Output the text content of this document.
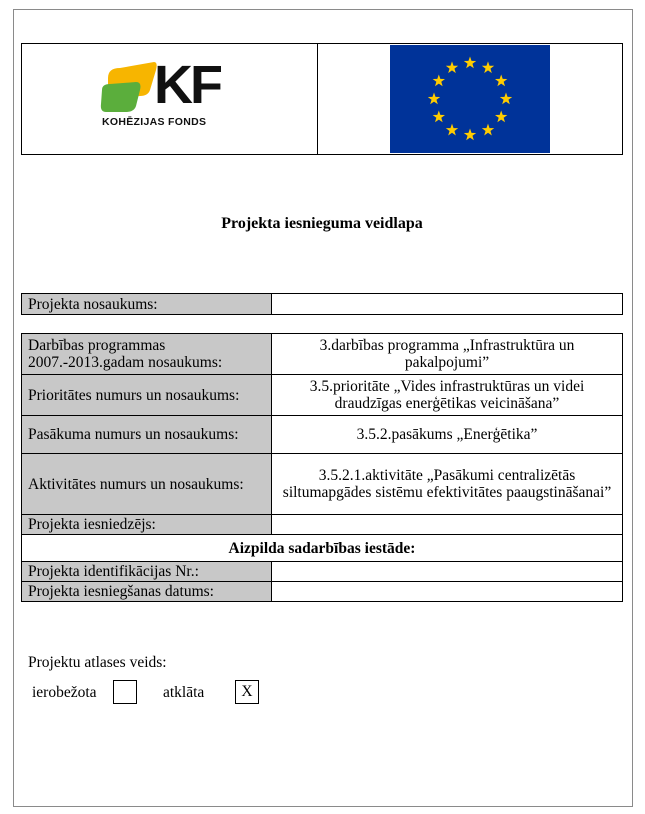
KF
KOHĒZIJAS FONDS

Projekta iesnieguma veidlapa
Projekta nosaukums:	
Darbības programmas 2007.-2013.gadam nosaukums:	3.darbības programma „Infrastruktūra un pakalpojumi”
Prioritātes numurs un nosaukums:	3.5.prioritāte „Vides infrastruktūras un videi draudzīgas enerģētikas veicināšana”
Pasākuma numurs un nosaukums:	3.5.2.pasākums „Enerģētika”
Aktivitātes numurs un nosaukums:	3.5.2.1.aktivitāte „Pasākumi centralizētās siltumapgādes sistēmu efektivitātes paaugstināšanai”
Projekta iesniedzējs:	
Aizpilda sadarbības iestāde:	
Projekta identifikācijas Nr.:	
Projekta iesniegšanas datums:	
Projektu atlases veids:
ierobežota	atklāta	X
